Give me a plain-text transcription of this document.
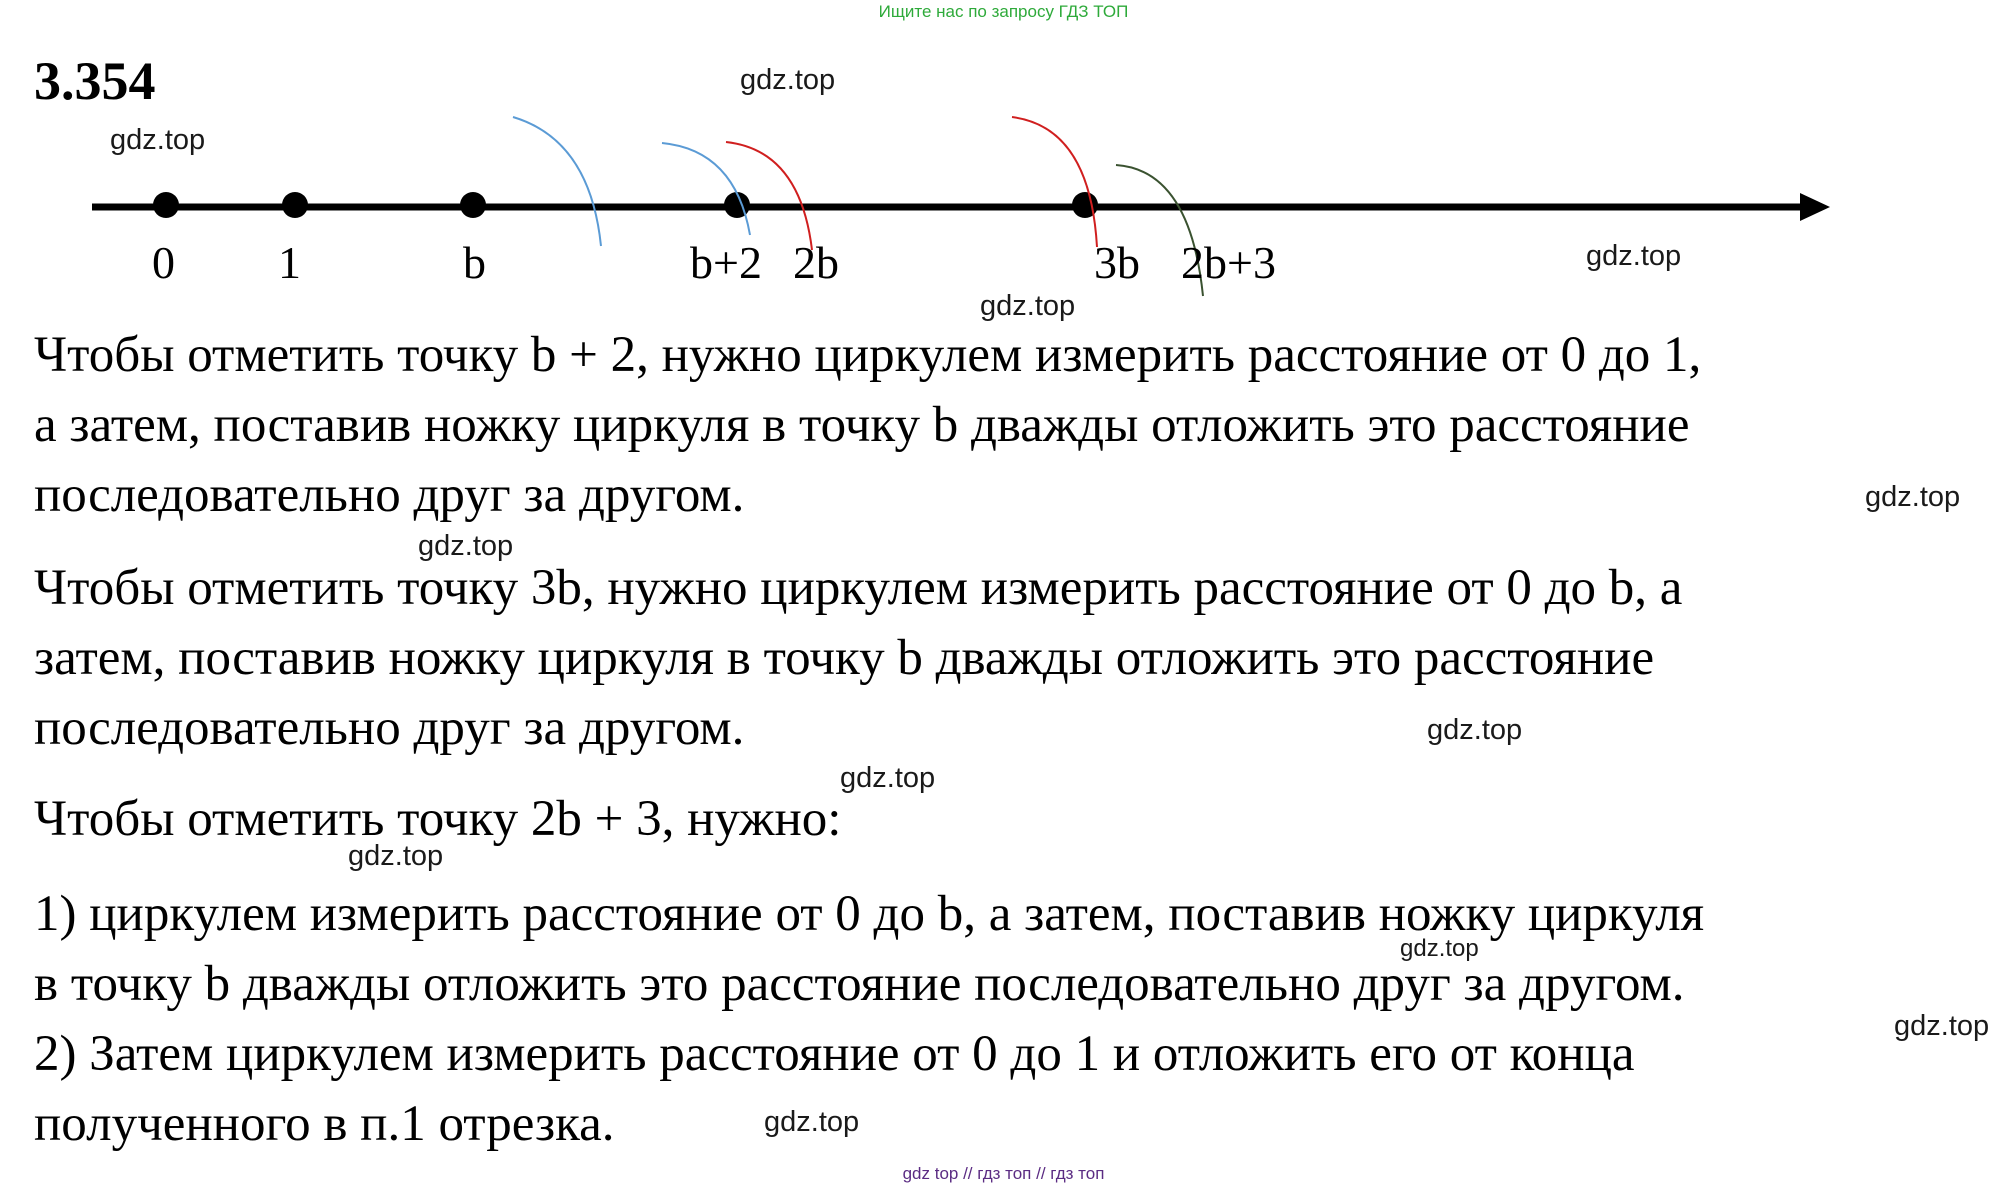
Ищите нас по запросу ГДЗ ТОП
3.354
0 1	b	b+2 2b	3b 2b+3
gdz.top
gdz.top
gdz.top
gdz.top
gdz.top
gdz.top
gdz.top
gdz.top
gdz.top
gdz.top
gdz.top
gdz.top
Чтобы отметить точку b + 2, нужно циркулем измерить расстояние от 0 до 1,
а затем, поставив ножку циркуля в точку b дважды отложить это расстояние
последовательно друг за другом.
Чтобы отметить точку 3b, нужно циркулем измерить расстояние от 0 до b, а
затем, поставив ножку циркуля в точку b дважды отложить это расстояние
последовательно друг за другом.
Чтобы отметить точку 2b + 3, нужно:
1) циркулем измерить расстояние от 0 до b, а затем, поставив ножку циркуля
в точку b дважды отложить это расстояние последовательно друг за другом.
2) Затем циркулем измерить расстояние от 0 до 1 и отложить его от конца
полученного в п.1 отрезка.
gdz top // гдз топ // гдз топ
